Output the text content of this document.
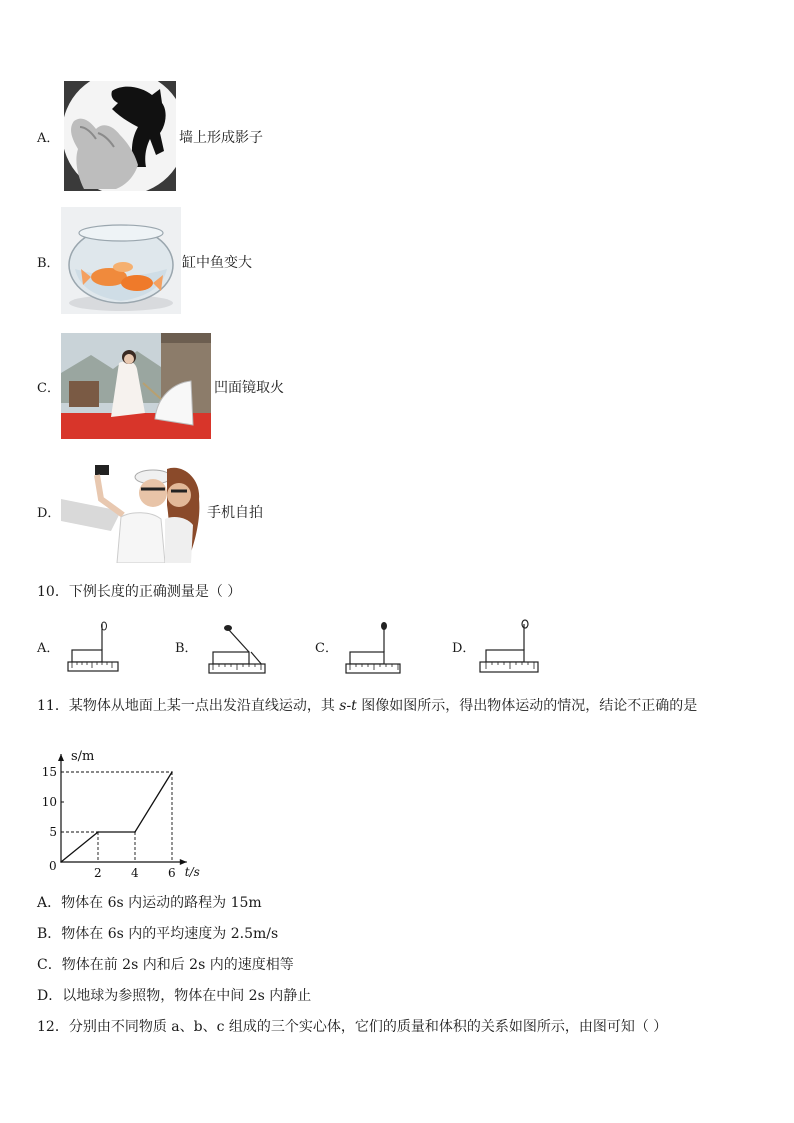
A．	墙上形成影子
B．	缸中鱼变大
C．	凹面镜取火
D．	手机自拍
10．下例长度的正确测量是（ ）
A．	B．	C．	D．
11．某物体从地面上某一点出发沿直线运动，其 s-t 图像如图所示，得出物体运动的情况，结论不正确的是
s/m
t/s
0	2 4 6
5
10
15
A．物体在 6s 内运动的路程为 15m
B．物体在 6s 内的平均速度为 2.5m/s
C．物体在前 2s 内和后 2s 内的速度相等
D．以地球为参照物，物体在中间 2s 内静止
12．分别由不同物质 a、b、c 组成的三个实心体，它们的质量和体积的关系如图所示，由图可知（ ）
